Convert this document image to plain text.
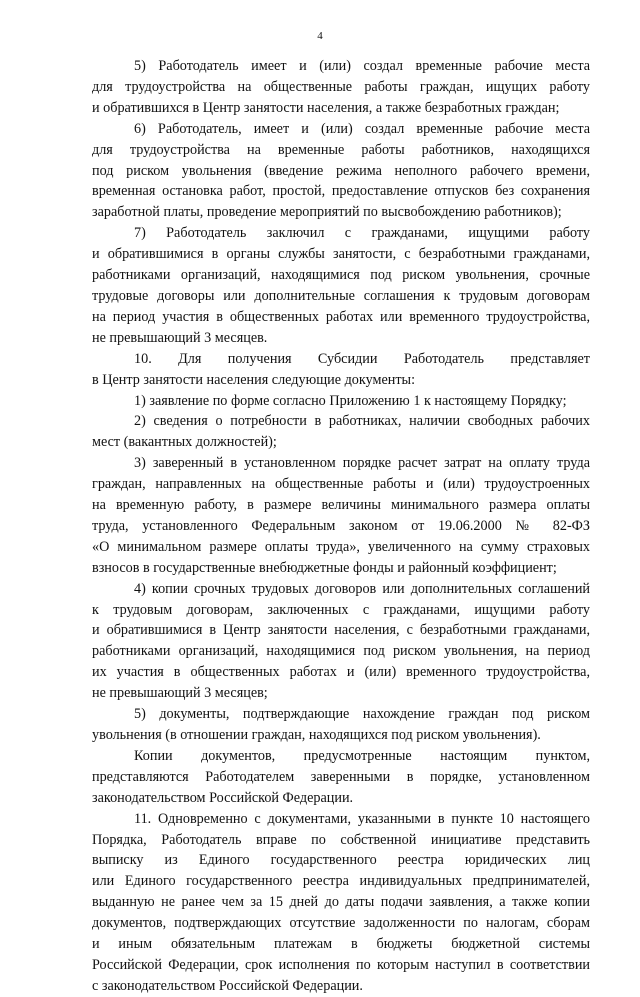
4

5) Работодатель имеет и (или) создал временные рабочие места
для трудоустройства на общественные работы граждан, ищущих работу
и обратившихся в Центр занятости населения, а также безработных граждан;

6) Работодатель, имеет и (или) создал временные рабочие места
для трудоустройства на временные работы работников, находящихся
под риском увольнения (введение режима неполного рабочего времени,
временная остановка работ, простой, предоставление отпусков без сохранения
заработной платы, проведение мероприятий по высвобождению работников);

7) Работодатель заключил с гражданами, ищущими работу
и обратившимися в органы службы занятости, с безработными гражданами,
работниками организаций, находящимися под риском увольнения, срочные
трудовые договоры или дополнительные соглашения к трудовым договорам
на период участия в общественных работах или временного трудоустройства,
не превышающий 3 месяцев.

10. Для получения Субсидии Работодатель представляет
в Центр занятости населения следующие документы:

1) заявление по форме согласно Приложению 1 к настоящему Порядку;

2) сведения о потребности в работниках, наличии свободных рабочих
мест (вакантных должностей);

3) заверенный в установленном порядке расчет затрат на оплату труда
граждан, направленных на общественные работы и (или) трудоустроенных
на временную работу, в размере величины минимального размера оплаты
труда, установленного Федеральным законом от 19.06.2000 № 82-ФЗ
«О минимальном размере оплаты труда», увеличенного на сумму страховых
взносов в государственные внебюджетные фонды и районный коэффициент;

4) копии срочных трудовых договоров или дополнительных соглашений
к трудовым договорам, заключенных с гражданами, ищущими работу
и обратившимися в Центр занятости населения, с безработными гражданами,
работниками организаций, находящимися под риском увольнения, на период
их участия в общественных работах и (или) временного трудоустройства,
не превышающий 3 месяцев;

5) документы, подтверждающие нахождение граждан под риском
увольнения (в отношении граждан, находящихся под риском увольнения).

Копии документов, предусмотренные настоящим пунктом,
представляются Работодателем заверенными в порядке, установленном
законодательством Российской Федерации.

11. Одновременно с документами, указанными в пункте 10 настоящего
Порядка, Работодатель вправе по собственной инициативе представить
выписку из Единого государственного реестра юридических лиц
или Единого государственного реестра индивидуальных предпринимателей,
выданную не ранее чем за 15 дней до даты подачи заявления, а также копии
документов, подтверждающих отсутствие задолженности по налогам, сборам
и иным обязательным платежам в бюджеты бюджетной системы
Российской Федерации, срок исполнения по которым наступил в соответствии
с законодательством Российской Федерации.
